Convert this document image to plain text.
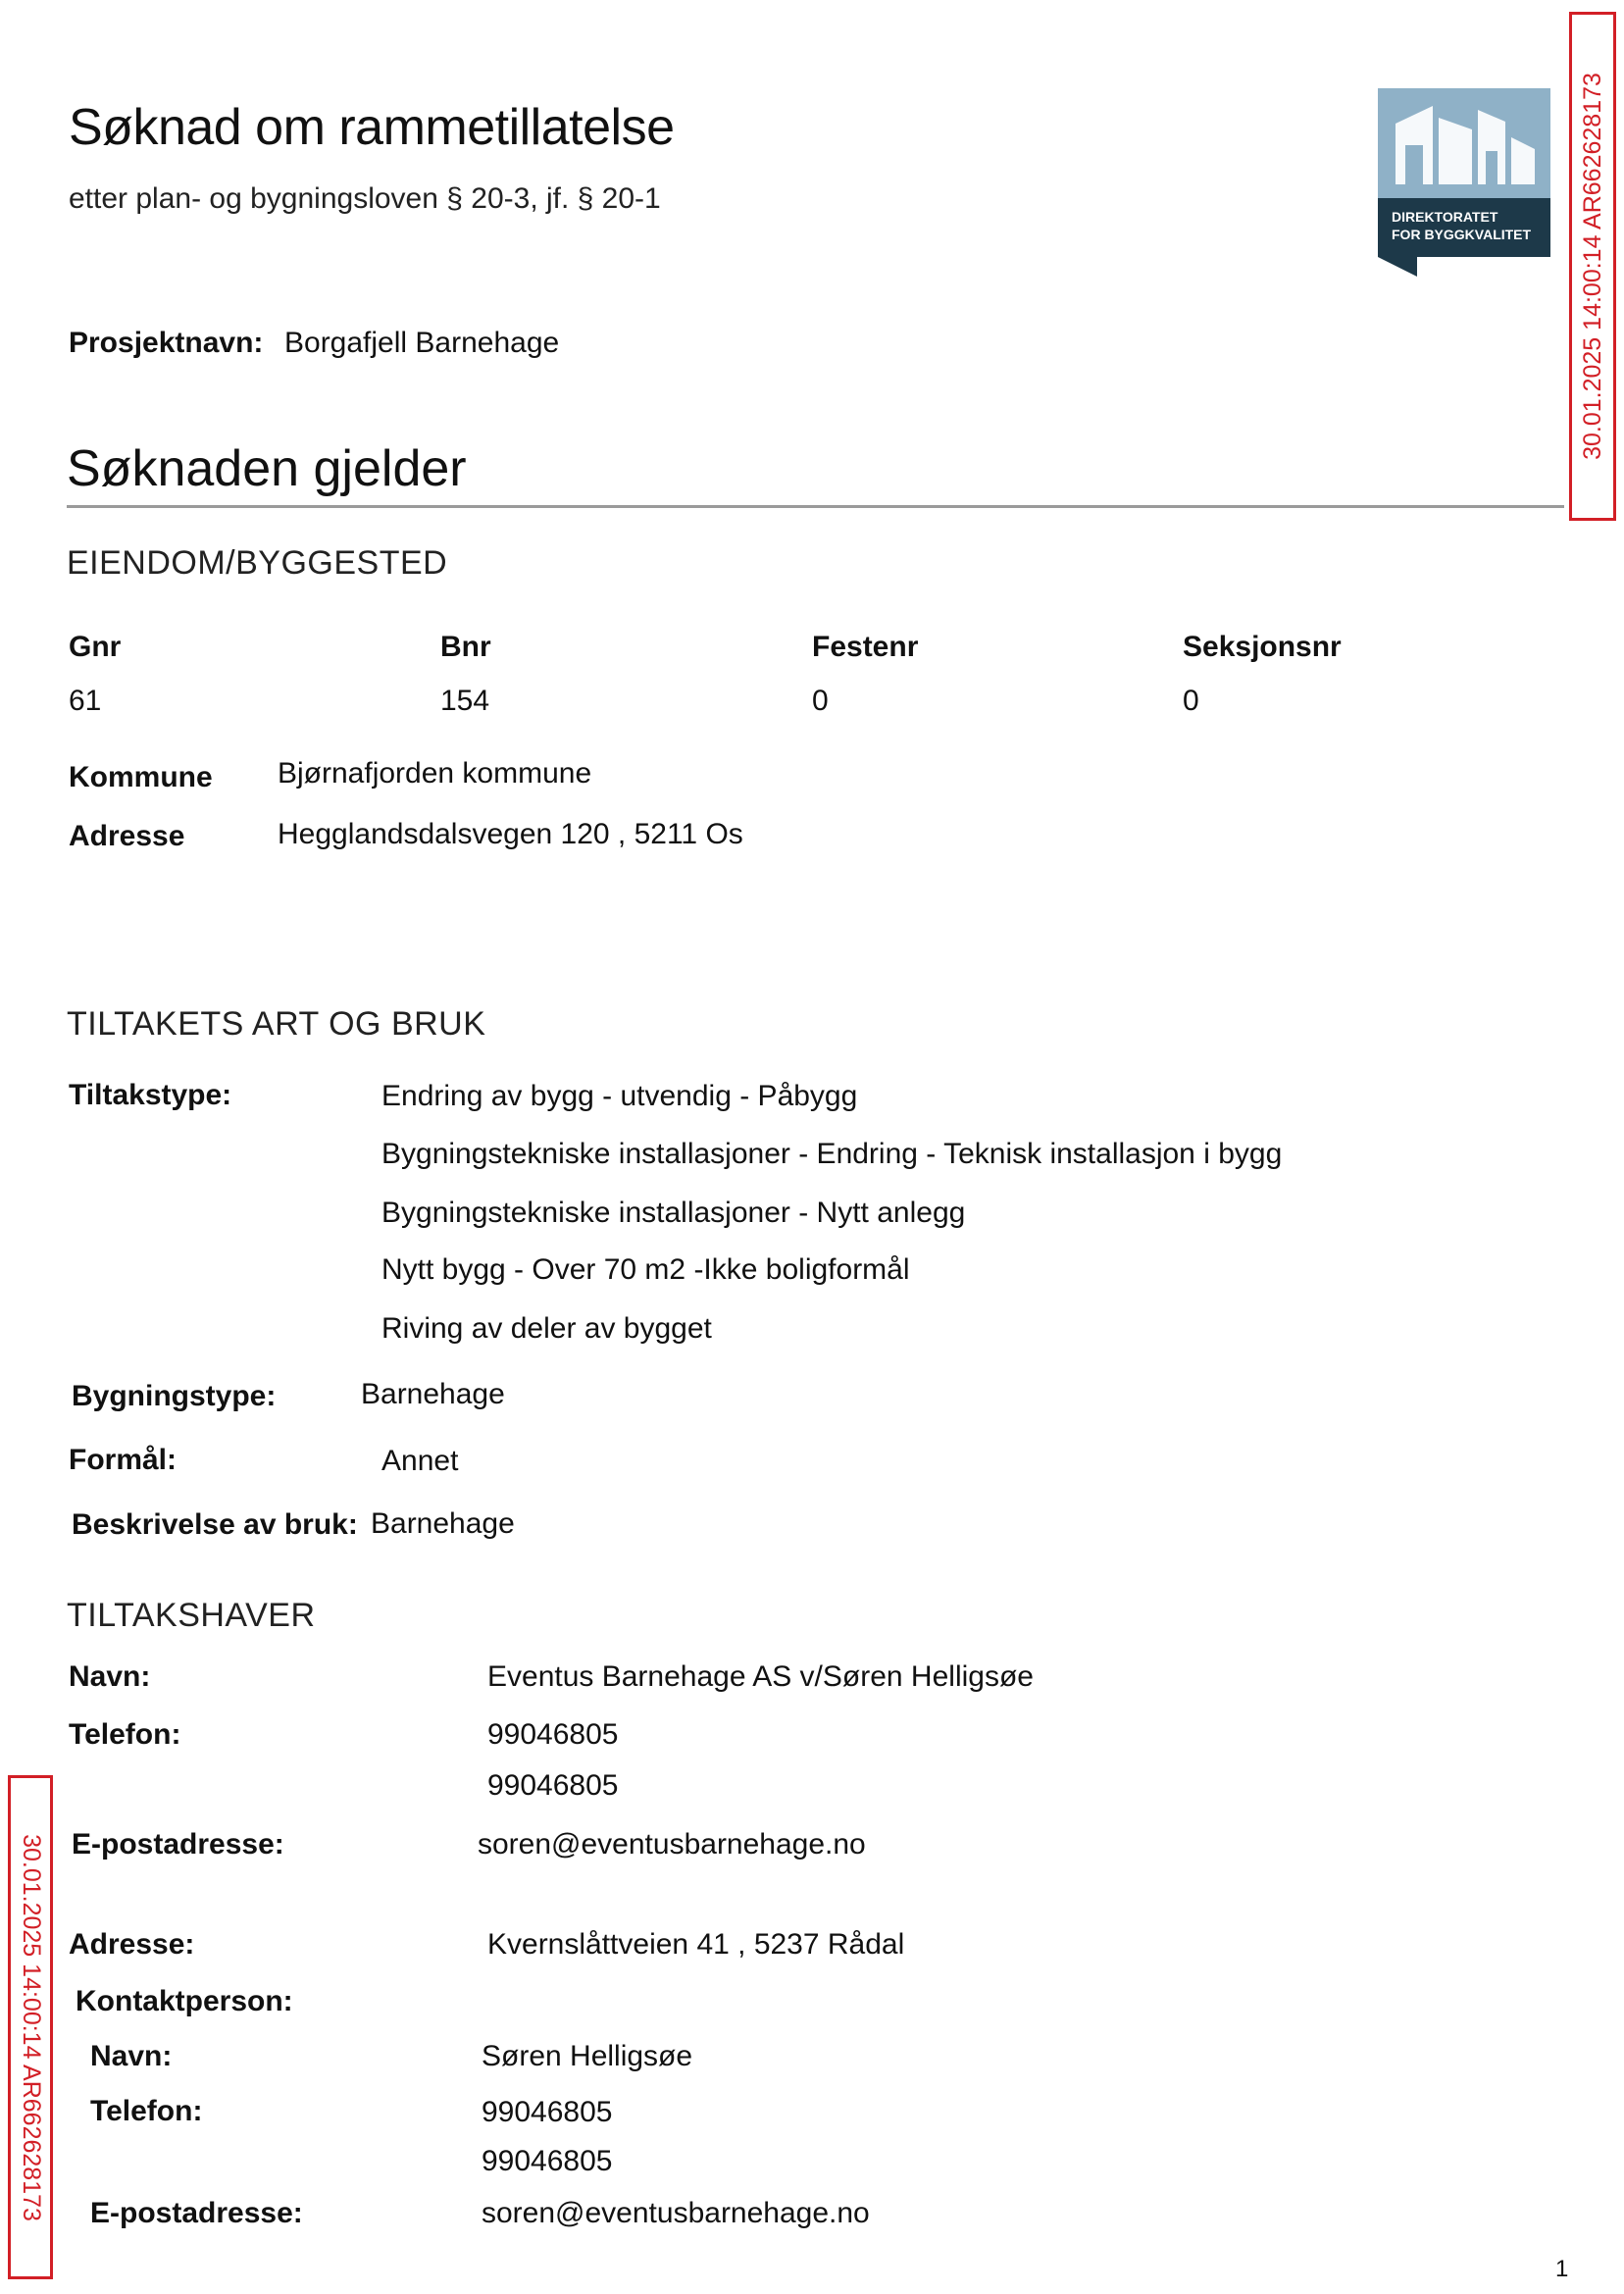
Søknad om rammetillatelse
etter plan- og bygningsloven § 20-3, jf. § 20-1
DIREKTORATET
FOR BYGGKVALITET 30.01.2025 14:00:14 AR662628173
Prosjektnavn: Borgafjell Barnehage
Søknaden gjelder
EIENDOM/BYGGESTED
Gnr	Bnr	Festenr	Seksjonsnr
61	154	0	0
Kommune Bjørnafjorden kommune
Adresse	Hegglandsdalsvegen 120 , 5211 Os
TILTAKETS ART OG BRUK
Tiltakstype:	Endring av bygg - utvendig - Påbygg
Bygningstekniske installasjoner - Endring - Teknisk installasjon i bygg
Bygningstekniske installasjoner - Nytt anlegg
Nytt bygg - Over 70 m2 -Ikke boligformål
Riving av deler av bygget
Bygningstype:	Barnehage
Formål:	Annet
Beskrivelse av bruk: Barnehage
TILTAKSHAVER
Navn:	Eventus Barnehage AS v/Søren Helligsøe
Telefon:	99046805
99046805
E-postadresse:	soren@eventusbarnehage.no
Adresse:	Kvernslåttveien 41 , 5237 Rådal
Kontaktperson:
Navn:	Søren Helligsøe
Telefon:	99046805
99046805
E-postadresse:	soren@eventusbarnehage.no
30.01.2025 14:00:14 AR662628173
1
